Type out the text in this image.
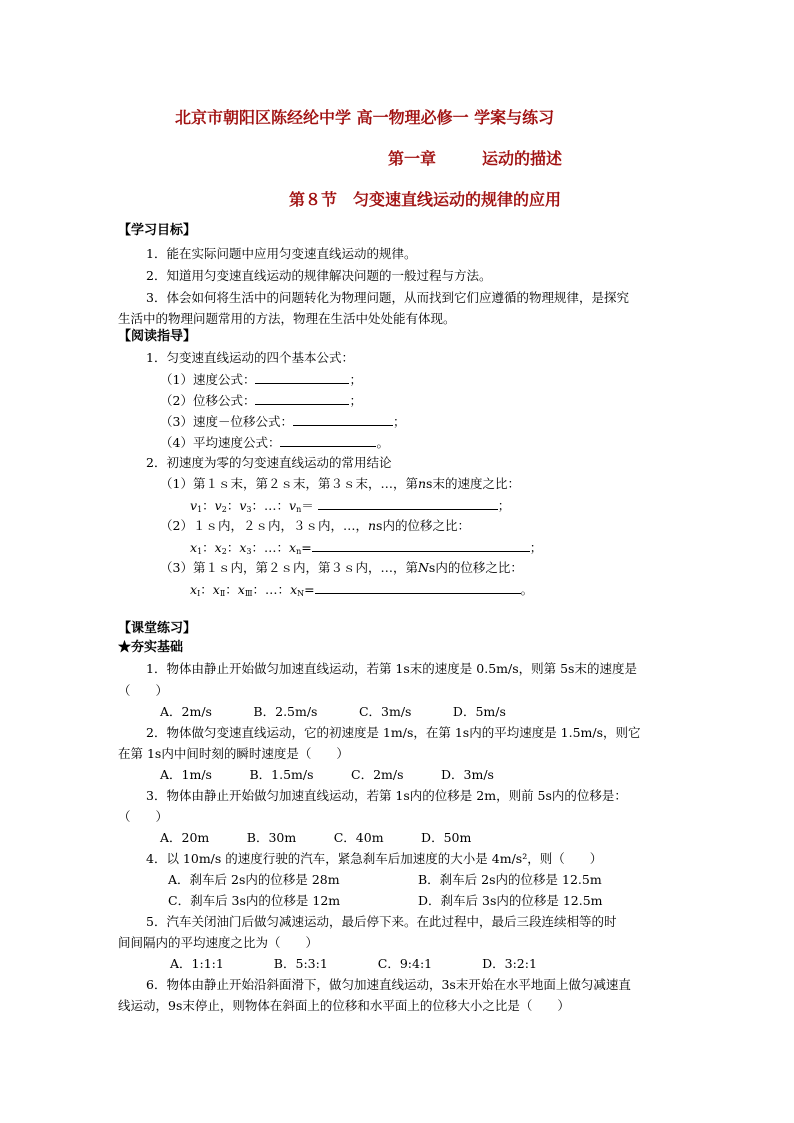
北京市朝阳区陈经纶中学 高一物理必修一 学案与练习
第一章	运动的描述
第８节　匀变速直线运动的规律的应用
【学习目标】
1．能在实际问题中应用匀变速直线运动的规律。
2．知道用匀变速直线运动的规律解决问题的一般过程与方法。
3．体会如何将生活中的问题转化为物理问题，从而找到它们应遵循的物理规律，是探究
生活中的物理问题常用的方法，物理在生活中处处能有体现。
【阅读指导】
1．匀变速直线运动的四个基本公式：
（1）速度公式：	；
（2）位移公式：	；
（3）速度－位移公式：	；
（4）平均速度公式：	。
2．初速度为零的匀变速直线运动的常用结论
（1）第１ｓ末，第２ｓ末，第３ｓ末，…，第ns末的速度之比：
$v_1$：$v_2$：$v_3$：…：$v_n=$	；
（2）１ｓ内，２ｓ内，３ｓ内，…，ns内的位移之比：
$x_1$：$x_2$：$x_3$：…：$x_n=$	；
（3）第１ｓ内，第２ｓ内，第３ｓ内，…，第Ns内的位移之比：
$x_Ⅰ$：$x_Ⅱ$：$x_Ⅲ$：…：$x_N=$	。
【课堂练习】
★夯实基础
1．物体由静止开始做匀加速直线运动，若第 1s末的速度是 0.5m/s，则第 5s末的速度是
（　　）
A．2m/s　　　 B．2.5m/s　　　 C．3m/s　　　 D．5m/s
2．物体做匀变速直线运动，它的初速度是 1m/s，在第 1s内的平均速度是 1.5m/s，则它
在第 1s内中间时刻的瞬时速度是（　　）
A．1m/s　　　B．1.5m/s　　　C．2m/s　　　D．3m/s
3．物体由静止开始做匀加速直线运动，若第 1s内的位移是 2m，则前 5s内的位移是：
（　　）
A．20m　　　B．30m　　　C．40m　　　D．50m
4．以 10m/s 的速度行驶的汽车，紧急刹车后加速度的大小是 4m/s²，则（　　）
A．刹车后 2s内的位移是 28m	B．刹车后 2s内的位移是 12.5m
C．刹车后 3s内的位移是 12m	D．刹车后 3s内的位移是 12.5m
5．汽车关闭油门后做匀减速运动，最后停下来。在此过程中，最后三段连续相等的时
间间隔内的平均速度之比为（　　）
A．1:1:1　　　　B．5:3:1　　　　C．9:4:1　　　　D．3:2:1
6．物体由静止开始沿斜面滑下，做匀加速直线运动，3s末开始在水平地面上做匀减速直
线运动，9s末停止，则物体在斜面上的位移和水平面上的位移大小之比是（　　）
